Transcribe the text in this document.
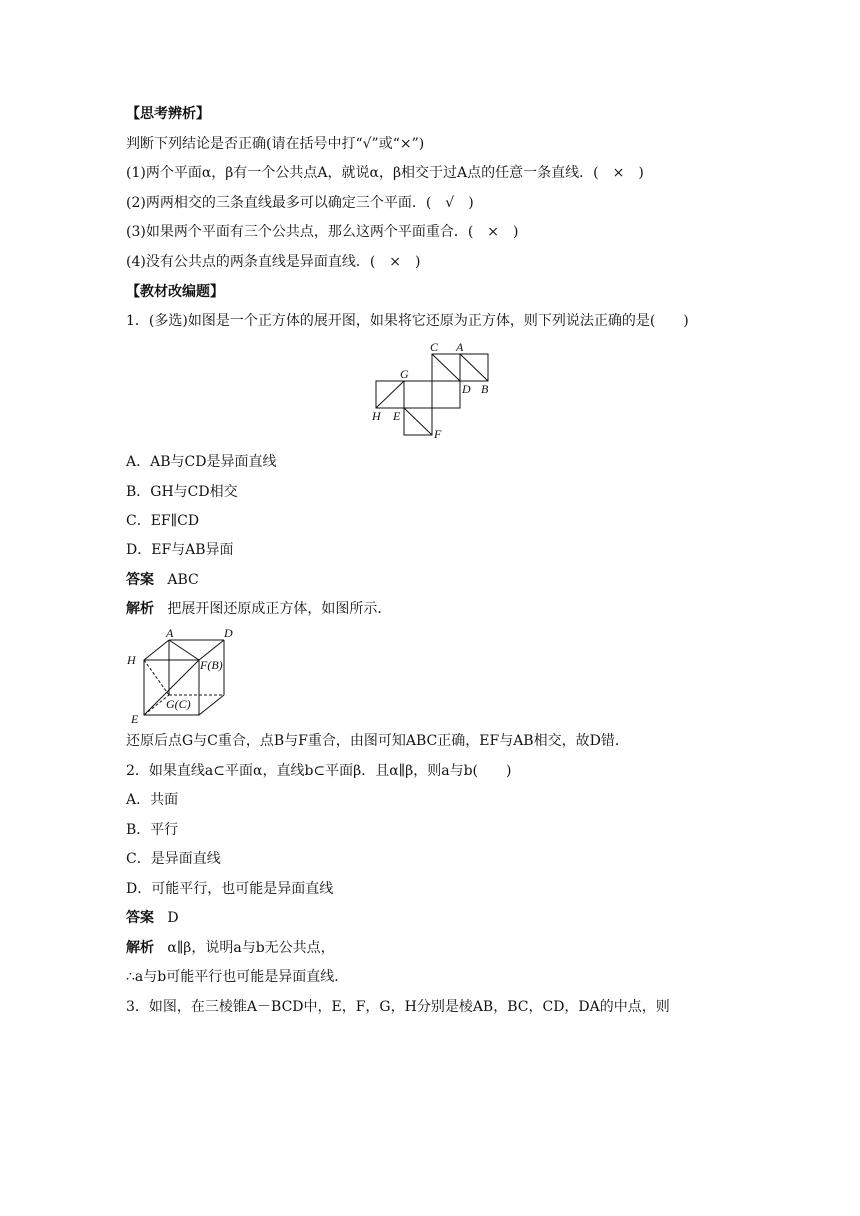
【思考辨析】
判断下列结论是否正确(请在括号中打“√”或“×”)
(1)两个平面α，β有一个公共点A，就说α，β相交于过A点的任意一条直线．(　×　)
(2)两两相交的三条直线最多可以确定三个平面．(　√　)
(3)如果两个平面有三个公共点，那么这两个平面重合．(　×　)
(4)没有公共点的两条直线是异面直线．(　×　)
【教材改编题】
1．(多选)如图是一个正方体的展开图，如果将它还原为正方体，则下列说法正确的是(　　)
C A
G
D B
H E
F
A．AB与CD是异面直线
B．GH与CD相交
C．EF∥CD
D．EF与AB异面
答案 ABC
解析 把展开图还原成正方体，如图所示．
A	D
H	F(B)
G(C)
E
还原后点G与C重合，点B与F重合，由图可知ABC正确，EF与AB相交，故D错．
2．如果直线a⊂平面α，直线b⊂平面β．且α∥β，则a与b(　　)
A．共面
B．平行
C．是异面直线
D．可能平行，也可能是异面直线
答案 D
解析 α∥β，说明a与b无公共点，
∴a与b可能平行也可能是异面直线．
3．如图，在三棱锥A－BCD中，E，F，G，H分别是棱AB，BC，CD，DA的中点，则
